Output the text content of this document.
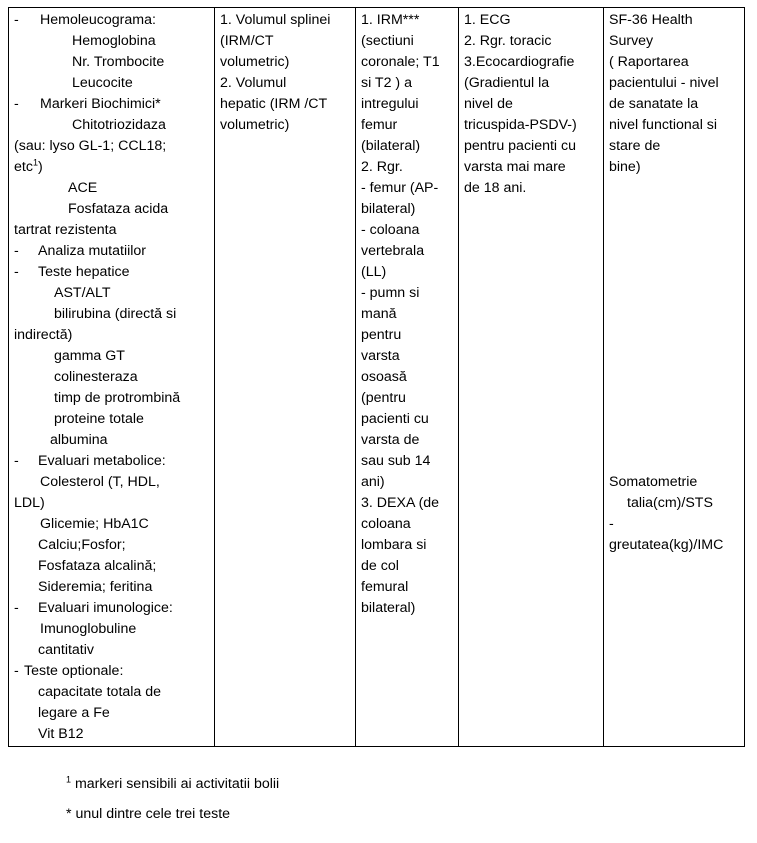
- Hemoleucograma:
Hemoglobina
Nr. Trombocite
Leucocite
- Markeri Biochimici*
Chitotriozidaza
(sau: lyso GL-1; CCL18;
etc$^1$)
ACE
Fosfataza acida
tartrat rezistenta
- Analiza mutatiilor
- Teste hepatice
AST/ALT
bilirubina (directă si
indirectă)
gamma GT
colinesteraza
timp de protrombină
proteine totale
albumina
- Evaluari metabolice:
Colesterol (T, HDL,
LDL)
Glicemie; HbA1C
Calciu;Fosfor;
Fosfataza alcalină;
Sideremia; feritina
- Evaluari imunologice:
Imunoglobuline
cantitativ
- Teste optionale:
capacitate totala de
legare a Fe
Vit B12

1. Volumul splinei
(IRM/CT
volumetric)
2. Volumul
hepatic (IRM /CT
volumetric)

1. IRM***
(sectiuni
coronale; T1
si T2 ) a
intregului
femur
(bilateral)
2. Rgr.
- femur (AP-
bilateral)
- coloana
vertebrala
(LL)
- pumn si
mană
pentru
varsta
osoasă
(pentru
pacienti cu
varsta de
sau sub 14
ani)
3. DEXA (de
coloana
lombara si
de col
femural
bilateral)

1. ECG
2. Rgr. toracic
3.Ecocardiografie
(Gradientul la
nivel de
tricuspida-PSDV-)
pentru pacienti cu
varsta mai mare
de 18 ani.

SF-36 Health
Survey
( Raportarea
pacientului - nivel
de sanatate la
nivel functional si
stare de
bine)
Somatometrie
talia(cm)/STS
-
greutatea(kg)/IMC
$^1$ markeri sensibili ai activitatii bolii
* unul dintre cele trei teste
